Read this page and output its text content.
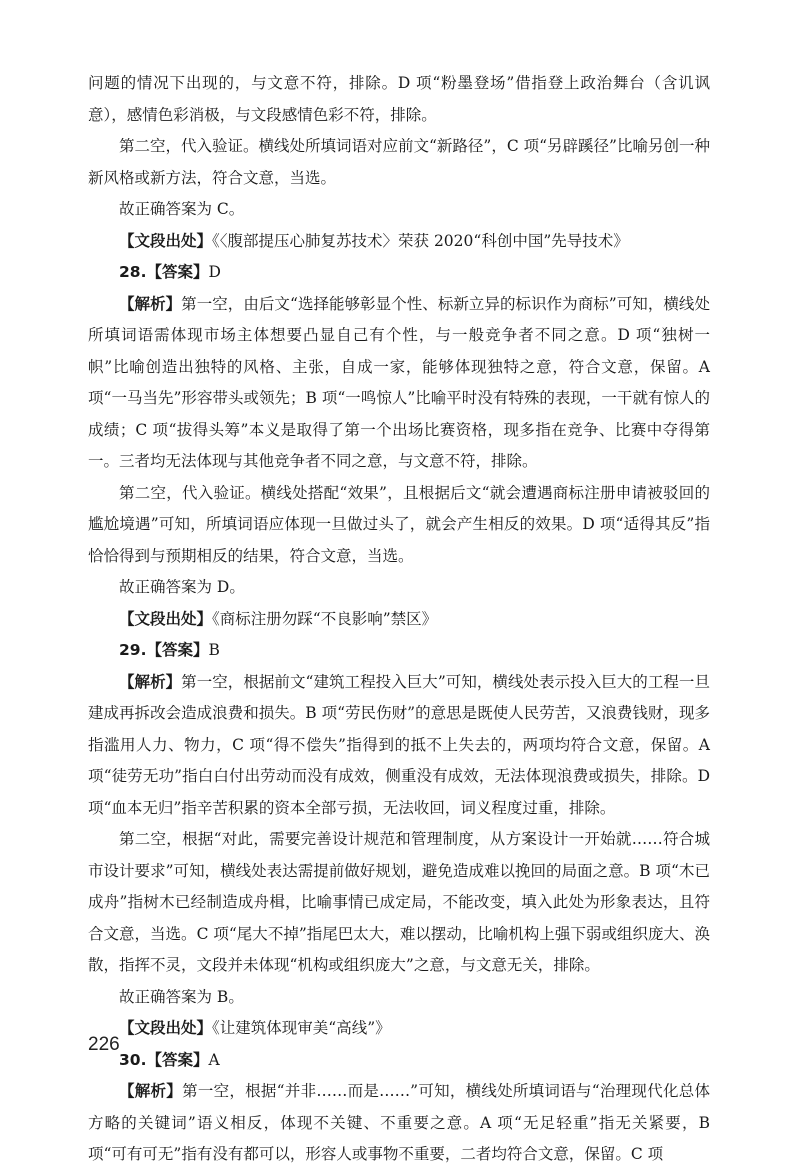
问题的情况下出现的，与文意不符，排除。D 项“粉墨登场”借指登上政治舞台（含讥讽意），感情色彩消极，与文段感情色彩不符，排除。

第二空，代入验证。横线处所填词语对应前文“新路径”，C 项“另辟蹊径”比喻另创一种新风格或新方法，符合文意，当选。

故正确答案为 C。

【文段出处】《〈腹部提压心肺复苏技术〉荣获 2020“科创中国”先导技术》

28.【答案】D

【解析】第一空，由后文“选择能够彰显个性、标新立异的标识作为商标”可知，横线处所填词语需体现市场主体想要凸显自己有个性，与一般竞争者不同之意。D 项“独树一帜”比喻创造出独特的风格、主张，自成一家，能够体现独特之意，符合文意，保留。A 项“一马当先”形容带头或领先；B 项“一鸣惊人”比喻平时没有特殊的表现，一干就有惊人的成绩；C 项“拔得头筹”本义是取得了第一个出场比赛资格，现多指在竞争、比赛中夺得第一。三者均无法体现与其他竞争者不同之意，与文意不符，排除。

第二空，代入验证。横线处搭配“效果”，且根据后文“就会遭遇商标注册申请被驳回的尴尬境遇”可知，所填词语应体现一旦做过头了，就会产生相反的效果。D 项“适得其反”指恰恰得到与预期相反的结果，符合文意，当选。

故正确答案为 D。

【文段出处】《商标注册勿踩“不良影响”禁区》

29.【答案】B

【解析】第一空，根据前文“建筑工程投入巨大”可知，横线处表示投入巨大的工程一旦建成再拆改会造成浪费和损失。B 项“劳民伤财”的意思是既使人民劳苦，又浪费钱财，现多指滥用人力、物力，C 项“得不偿失”指得到的抵不上失去的，两项均符合文意，保留。A 项“徒劳无功”指白白付出劳动而没有成效，侧重没有成效，无法体现浪费或损失，排除。D 项“血本无归”指辛苦积累的资本全部亏损，无法收回，词义程度过重，排除。

第二空，根据“对此，需要完善设计规范和管理制度，从方案设计一开始就……符合城市设计要求”可知，横线处表达需提前做好规划，避免造成难以挽回的局面之意。B 项“木已成舟”指树木已经制造成舟楫，比喻事情已成定局，不能改变，填入此处为形象表达，且符合文意，当选。C 项“尾大不掉”指尾巴太大，难以摆动，比喻机构上强下弱或组织庞大、涣散，指挥不灵，文段并未体现“机构或组织庞大”之意，与文意无关，排除。

故正确答案为 B。

【文段出处】《让建筑体现审美“高线”》

30.【答案】A

【解析】第一空，根据“并非……而是……”可知，横线处所填词语与“治理现代化总体方略的关键词”语义相反，体现不关键、不重要之意。A 项“无足轻重”指无关紧要，B 项“可有可无”指有没有都可以，形容人或事物不重要，二者均符合文意，保留。C 项

226
